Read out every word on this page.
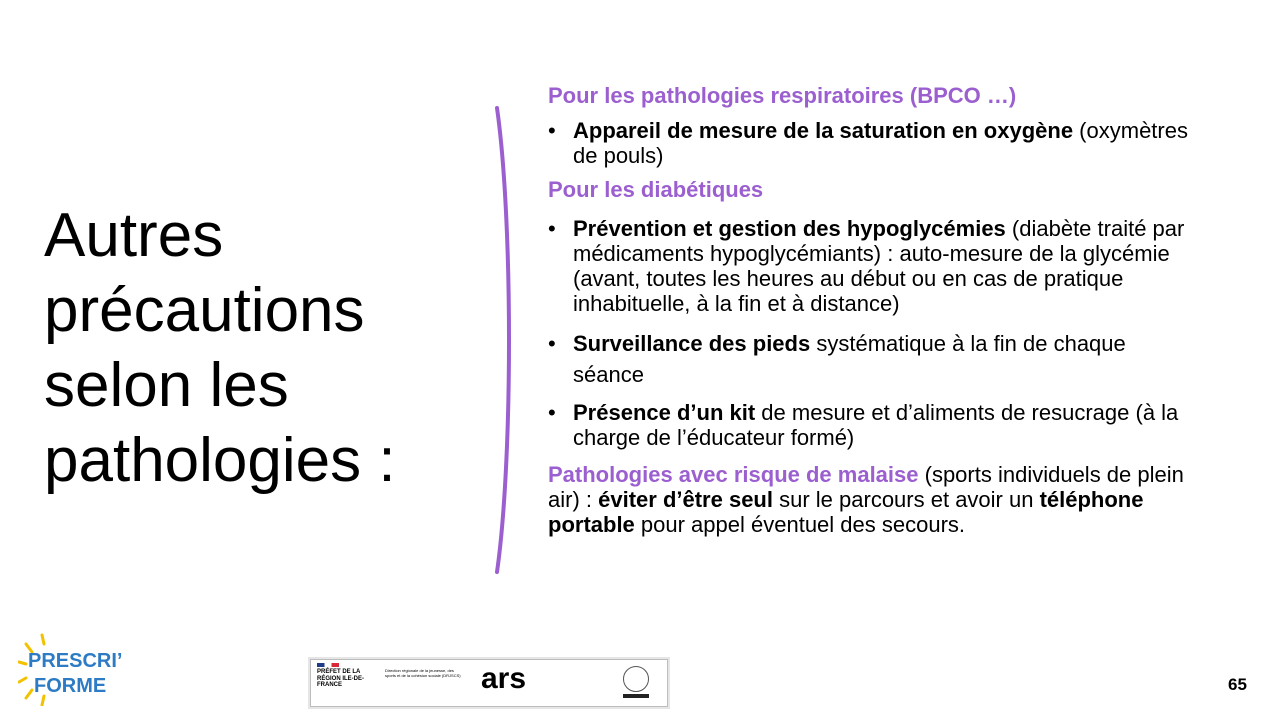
Autres
précautions
selon les
pathologies :
Pour les pathologies respiratoires (BPCO …)
• Appareil de mesure de la saturation en oxygène (oxymètres de pouls)
Pour les diabétiques
• Prévention et gestion des hypoglycémies (diabète traité par médicaments hypoglycémiants) : auto-mesure de la glycémie (avant, toutes les heures au début ou en cas de pratique inhabituelle, à la fin et à distance)
• Surveillance des pieds systématique à la fin de chaque séance
• Présence d’un kit de mesure et d’aliments de resucrage (à la charge de l’éducateur formé)
Pathologies avec risque de malaise (sports individuels de plein air) : éviter d’être seul sur le parcours et avoir un téléphone portable pour appel éventuel des secours.
PRESCRI’
FORME
PRÉFET DE LA RÉGION ILE-DE-FRANCE
Direction régionale de la jeunesse, des sports et de la cohésion sociale (DRJSCS) ars	65
